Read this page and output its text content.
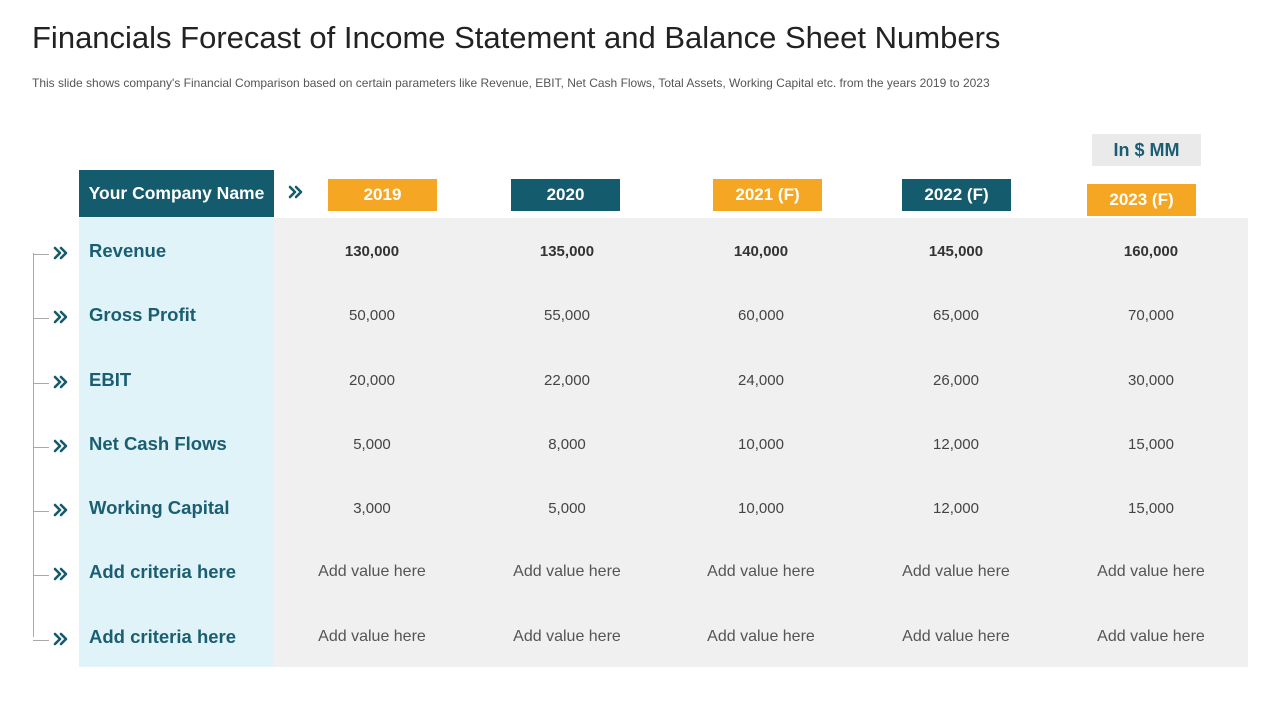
Financials Forecast of Income Statement and Balance Sheet Numbers
This slide shows company's Financial Comparison based on certain parameters like Revenue, EBIT, Net Cash Flows, Total Assets, Working Capital etc. from the years 2019 to 2023
In $ MM
Your Company Name	2019	2020	2021 (F)	2022 (F)	2023 (F)
Revenue	130,000	135,000	140,000	145,000	160,000
Gross Profit	50,000	55,000	60,000	65,000	70,000
EBIT	20,000	22,000	24,000	26,000	30,000
Net Cash Flows	5,000	8,000	10,000	12,000	15,000
Working Capital	3,000	5,000	10,000	12,000	15,000
Add criteria here	Add value here	Add value here	Add value here	Add value here	Add value here
Add criteria here	Add value here	Add value here	Add value here	Add value here	Add value here
